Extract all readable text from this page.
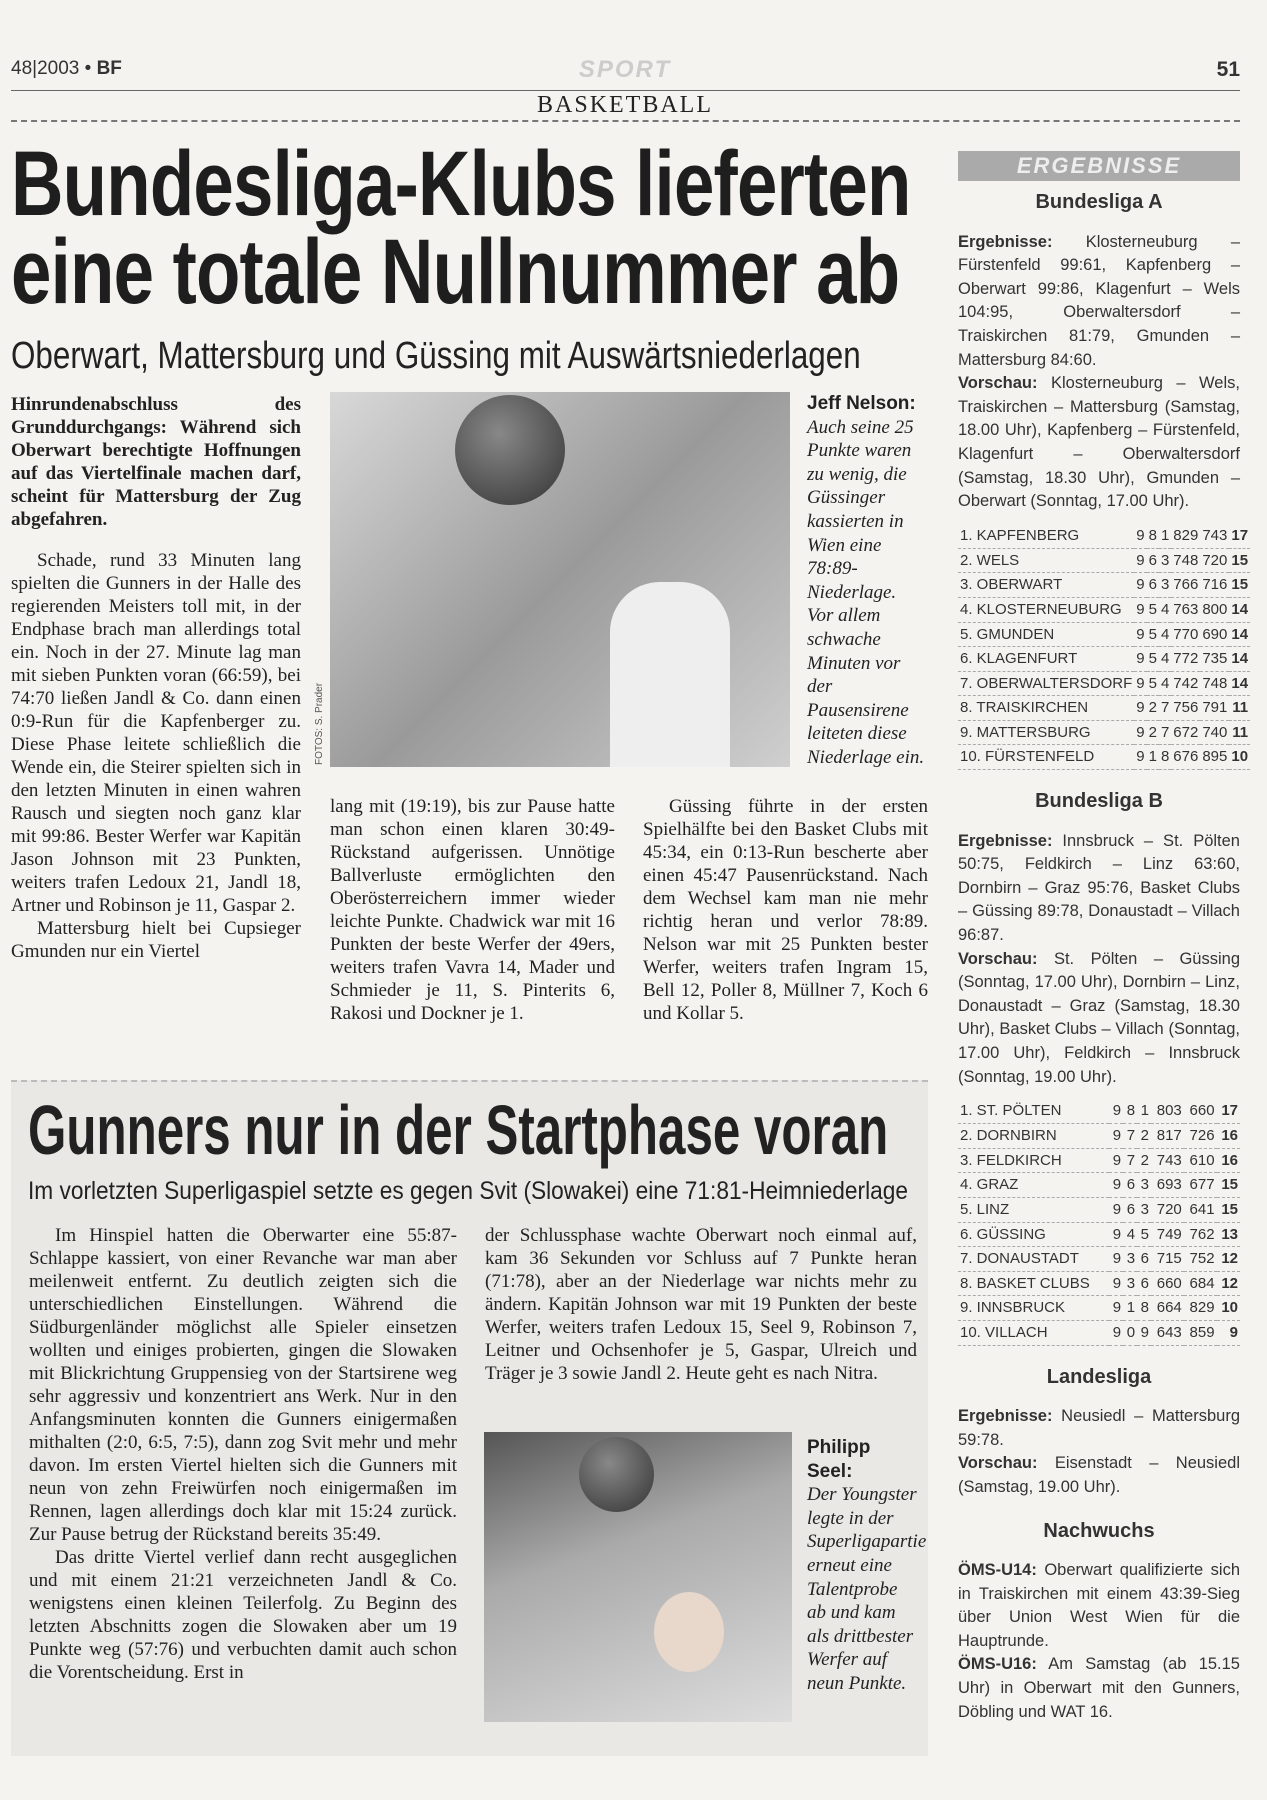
48|2003 • BF	SPORT	51
BASKETBALL
Bundesliga-Klubs lieferten
eine totale Nullnummer ab
Oberwart, Mattersburg und Güssing mit Auswärtsniederlagen
Hinrundenabschluss des Grunddurchgangs: Während sich Oberwart berechtigte Hoffnungen auf das Viertelfinale machen darf, scheint für Mattersburg der Zug abgefahren.

Schade, rund 33 Minuten lang spielten die Gunners in der Halle des regierenden Meisters toll mit, in der Endphase brach man allerdings total ein. Noch in der 27. Minute lag man mit sieben Punkten voran (66:59), bei 74:70 ließen Jandl & Co. dann einen 0:9-Run für die Kapfenberger zu. Diese Phase leitete schließlich die Wende ein, die Steirer spielten sich in den letzten Minuten in einen wahren Rausch und siegten noch ganz klar mit 99:86. Bester Werfer war Kapitän Jason Johnson mit 23 Punkten, weiters trafen Ledoux 21, Jandl 18, Artner und Robinson je 11, Gaspar 2.

Mattersburg hielt bei Cupsieger Gmunden nur ein Viertel

FOTOS: S. Prader
Jeff Nelson:
Auch seine 25 Punkte waren zu wenig, die Güssinger kassierten in Wien eine 78:89-Niederlage. Vor allem schwache Minuten vor der Pausensirene leiteten diese Niederlage ein.
lang mit (19:19), bis zur Pause hatte man schon einen klaren 30:49-Rückstand aufgerissen. Unnötige Ballverluste ermöglichten den Oberösterreichern immer wieder leichte Punkte. Chadwick war mit 16 Punkten der beste Werfer der 49ers, weiters trafen Vavra 14, Mader und Schmieder je 11, S. Pinterits 6, Rakosi und Dockner je 1.

Güssing führte in der ersten Spielhälfte bei den Basket Clubs mit 45:34, ein 0:13-Run bescherte aber einen 45:47 Pausenrückstand. Nach dem Wechsel kam man nie mehr richtig heran und verlor 78:89. Nelson war mit 25 Punkten bester Werfer, weiters trafen Ingram 15, Bell 12, Poller 8, Müllner 7, Koch 6 und Kollar 5.

Gunners nur in der Startphase voran
Im vorletzten Superligaspiel setzte es gegen Svit (Slowakei) eine 71:81-Heimniederlage

Im Hinspiel hatten die Oberwarter eine 55:87-Schlappe kassiert, von einer Revanche war man aber meilenweit entfernt. Zu deutlich zeigten sich die unterschiedlichen Einstellungen. Während die Südburgenländer möglichst alle Spieler einsetzen wollten und einiges probierten, gingen die Slowaken mit Blickrichtung Gruppensieg von der Startsirene weg sehr aggressiv und konzentriert ans Werk. Nur in den Anfangsminuten konnten die Gunners einigermaßen mithalten (2:0, 6:5, 7:5), dann zog Svit mehr und mehr davon. Im ersten Viertel hielten sich die Gunners mit neun von zehn Freiwürfen noch einigermaßen im Rennen, lagen allerdings doch klar mit 15:24 zurück. Zur Pause betrug der Rückstand bereits 35:49.

Das dritte Viertel verlief dann recht ausgeglichen und mit einem 21:21 verzeichneten Jandl & Co. wenigstens einen kleinen Teilerfolg. Zu Beginn des letzten Abschnitts zogen die Slowaken aber um 19 Punkte weg (57:76) und verbuchten damit auch schon die Vorentscheidung. Erst in

der Schlussphase wachte Oberwart noch einmal auf, kam 36 Sekunden vor Schluss auf 7 Punkte heran (71:78), aber an der Niederlage war nichts mehr zu ändern. Kapitän Johnson war mit 19 Punkten der beste Werfer, weiters trafen Ledoux 15, Seel 9, Robinson 7, Leitner und Ochsenhofer je 5, Gaspar, Ulreich und Träger je 3 sowie Jandl 2. Heute geht es nach Nitra.
Philipp Seel:
Der Youngster legte in der Superligapartie erneut eine Talentprobe ab und kam als drittbester Werfer auf neun Punkte.
ERGEBNISSE
Bundesliga A

Ergebnisse: Klosterneuburg – Fürstenfeld 99:61, Kapfenberg – Oberwart 99:86, Klagenfurt – Wels 104:95, Oberwaltersdorf – Traiskirchen 81:79, Gmunden – Mattersburg 84:60.

Vorschau: Klosterneuburg – Wels, Traiskirchen – Mattersburg (Samstag, 18.00 Uhr), Kapfenberg – Fürstenfeld, Klagenfurt – Oberwaltersdorf (Samstag, 18.30 Uhr), Gmunden – Oberwart (Sonntag, 17.00 Uhr).

1. KAPFENBERG	9	8	1	829	743	17
2. WELS	9	6	3	748	720	15
3. OBERWART	9	6	3	766	716	15
4. KLOSTERNEUBURG	9	5	4	763	800	14
5. GMUNDEN	9	5	4	770	690	14
6. KLAGENFURT	9	5	4	772	735	14
7. OBERWALTERSDORF	9	5	4	742	748	14
8. TRAISKIRCHEN	9	2	7	756	791	11
9. MATTERSBURG	9	2	7	672	740	11
10. FÜRSTENFELD	9	1	8	676	895	10
Bundesliga B

Ergebnisse: Innsbruck – St. Pölten 50:75, Feldkirch – Linz 63:60, Dornbirn – Graz 95:76, Basket Clubs – Güssing 89:78, Donaustadt – Villach 96:87.

Vorschau: St. Pölten – Güssing (Sonntag, 17.00 Uhr), Dornbirn – Linz, Donaustadt – Graz (Samstag, 18.30 Uhr), Basket Clubs – Villach (Sonntag, 17.00 Uhr), Feldkirch – Innsbruck (Sonntag, 19.00 Uhr).

1. ST. PÖLTEN	9	8	1	803	660	17
2. DORNBIRN	9	7	2	817	726	16
3. FELDKIRCH	9	7	2	743	610	16
4. GRAZ	9	6	3	693	677	15
5. LINZ	9	6	3	720	641	15
6. GÜSSING	9	4	5	749	762	13
7. DONAUSTADT	9	3	6	715	752	12
8. BASKET CLUBS	9	3	6	660	684	12
9. INNSBRUCK	9	1	8	664	829	10
10. VILLACH	9	0	9	643	859	9
Landesliga

Ergebnisse: Neusiedl – Mattersburg 59:78.

Vorschau: Eisenstadt – Neusiedl (Samstag, 19.00 Uhr).

Nachwuchs

ÖMS-U14: Oberwart qualifizierte sich in Traiskirchen mit einem 43:39-Sieg über Union West Wien für die Hauptrunde.

ÖMS-U16: Am Samstag (ab 15.15 Uhr) in Oberwart mit den Gunners, Döbling und WAT 16.
